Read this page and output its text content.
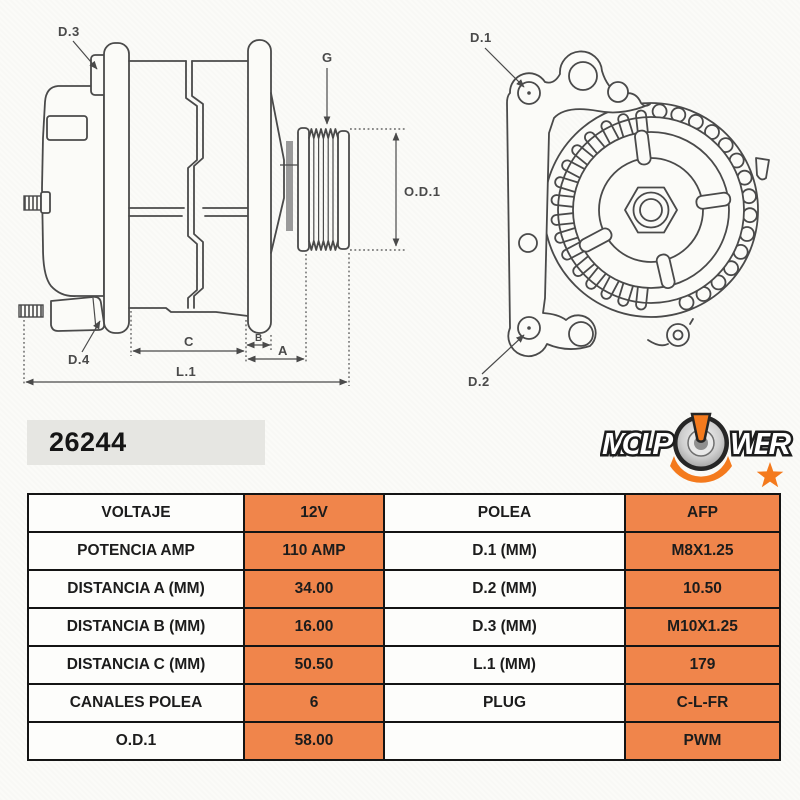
G
O.D.1
D.3
D.4
C	B
A
L.1
D.1
D.2
26244	MOLP WER
VOLTAJE	12V	POLEA	AFP
POTENCIA AMP	110 AMP	D.1 (MM)	M8X1.25
DISTANCIA A (MM)	34.00	D.2 (MM)	10.50
DISTANCIA B (MM)	16.00	D.3 (MM)	M10X1.25
DISTANCIA C (MM)	50.50	L.1 (MM)	179
CANALES POLEA	6	PLUG	C-L-FR
O.D.1	58.00		PWM
